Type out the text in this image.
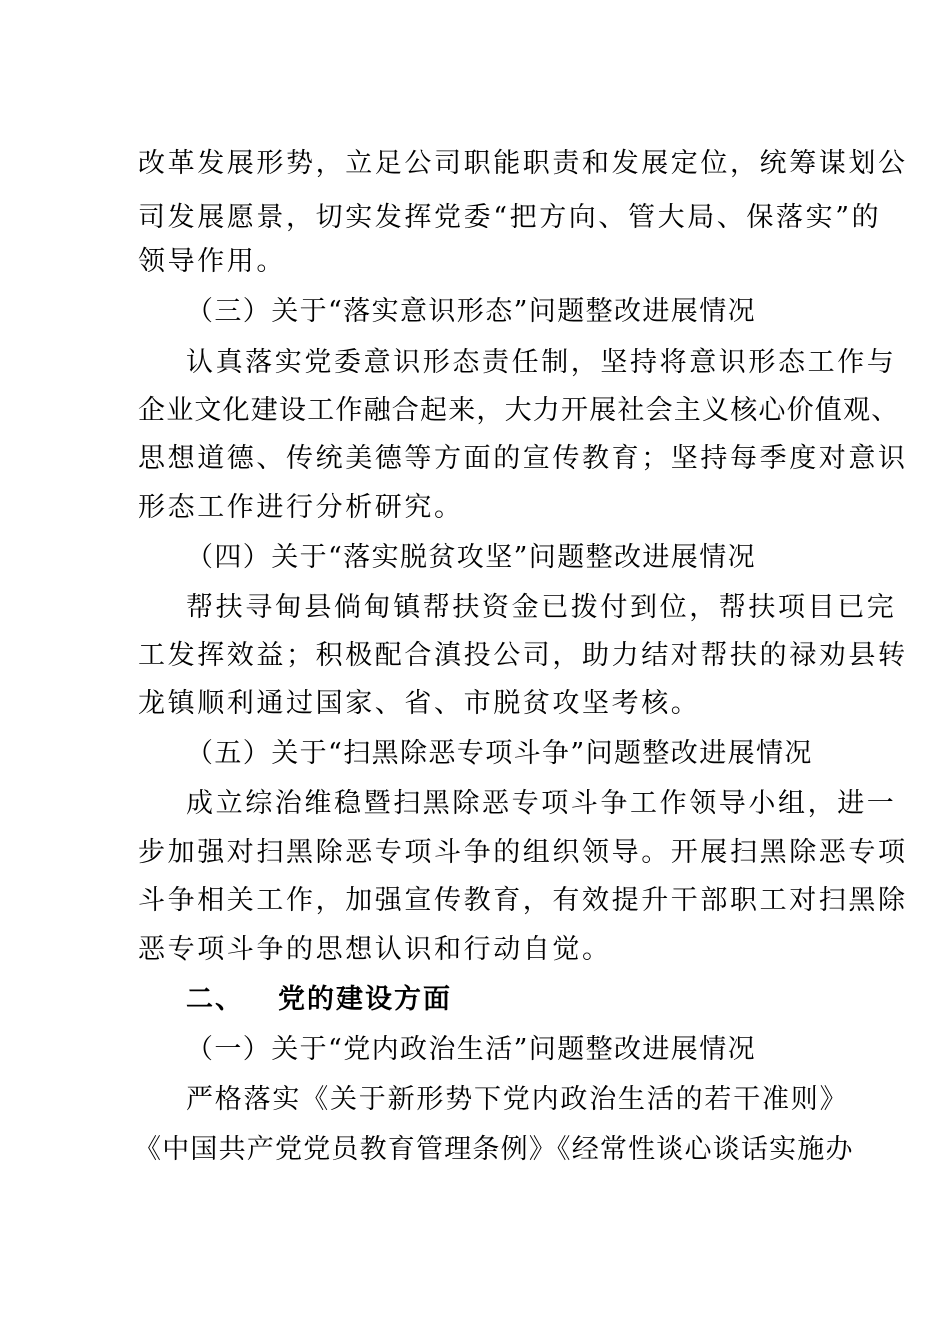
改革发展形势，立足公司职能职责和发展定位，统筹谋划公
司发展愿景，切实发挥党委“把方向、管大局、保落实”的
领导作用。
（三）关于“落实意识形态”问题整改进展情况
认真落实党委意识形态责任制，坚持将意识形态工作与
企业文化建设工作融合起来，大力开展社会主义核心价值观、
思想道德、传统美德等方面的宣传教育；坚持每季度对意识
形态工作进行分析研究。
（四）关于“落实脱贫攻坚”问题整改进展情况
帮扶寻甸县倘甸镇帮扶资金已拨付到位，帮扶项目已完
工发挥效益；积极配合滇投公司，助力结对帮扶的禄劝县转
龙镇顺利通过国家、省、市脱贫攻坚考核。
（五）关于“扫黑除恶专项斗争”问题整改进展情况
成立综治维稳暨扫黑除恶专项斗争工作领导小组，进一
步加强对扫黑除恶专项斗争的组织领导。开展扫黑除恶专项
斗争相关工作，加强宣传教育，有效提升干部职工对扫黑除
恶专项斗争的思想认识和行动自觉。
二、 党的建设方面
（一）关于“党内政治生活”问题整改进展情况
严格落实《关于新形势下党内政治生活的若干准则》
《中国共产党党员教育管理条例》《经常性谈心谈话实施办
